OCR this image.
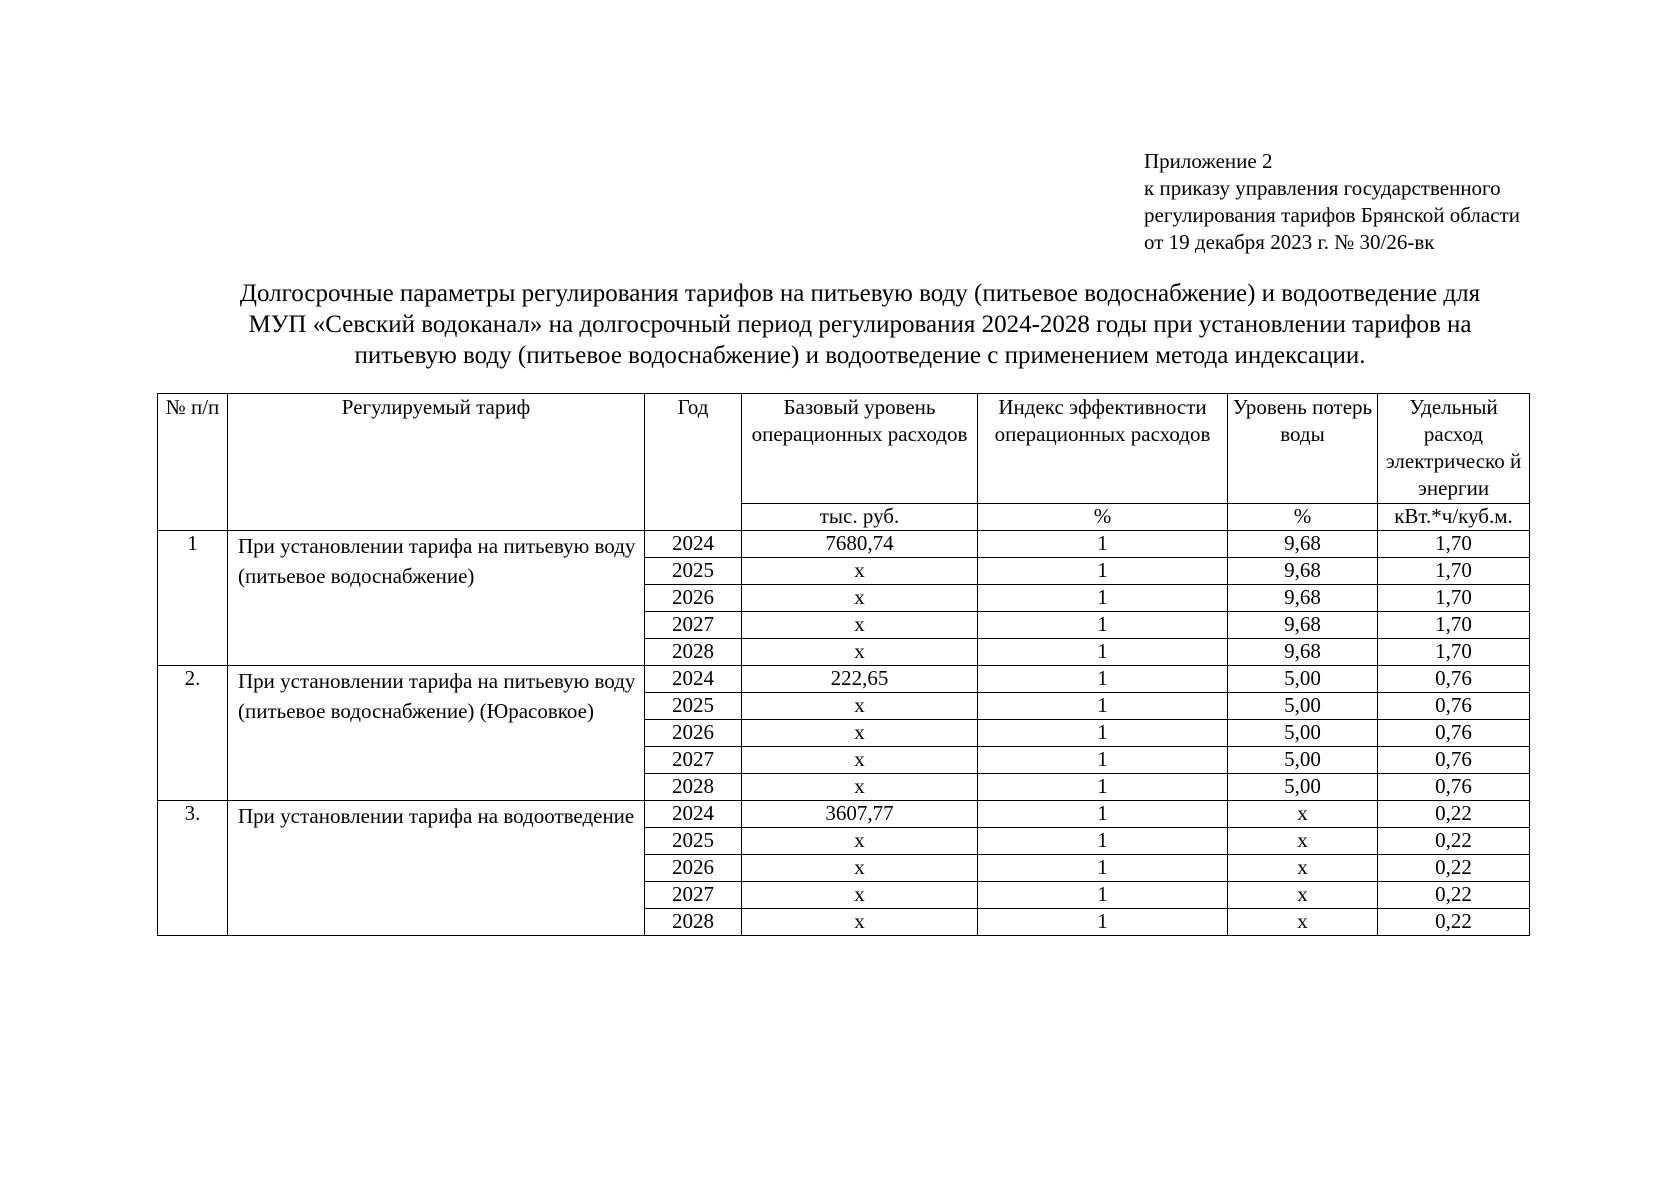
Приложение 2
к приказу управления государственного
регулирования тарифов Брянской области
от 19 декабря 2023 г. № 30/26-вк
Долгосрочные параметры регулирования тарифов на питьевую воду (питьевое водоснабжение) и водоотведение для
МУП «Севский водоканал» на долгосрочный период регулирования 2024-2028 годы при установлении тарифов на
питьевую воду (питьевое водоснабжение) и водоотведение с применением метода индексации.
№ п/п	Регулируемый тариф	Год	Базовый уровень операционных расходов	Индекс эффективности операционных расходов	Уровень потерь воды	Удельный расход электрическо й энергии
			тыс. руб.	%	%	кВт.*ч/куб.м.
1	При установлении тарифа на питьевую воду (питьевое водоснабжение)	2024	7680,74	1	9,68	1,70
		2025	x	1	9,68	1,70
		2026	x	1	9,68	1,70
		2027	x	1	9,68	1,70
		2028	x	1	9,68	1,70
2.	При установлении тарифа на питьевую воду (питьевое водоснабжение) (Юрасовкое)	2024	222,65	1	5,00	0,76
		2025	x	1	5,00	0,76
		2026	x	1	5,00	0,76
		2027	x	1	5,00	0,76
		2028	x	1	5,00	0,76
3.	При установлении тарифа на водоотведение	2024	3607,77	1	x	0,22
		2025	x	1	x	0,22
		2026	x	1	x	0,22
		2027	x	1	x	0,22
		2028	x	1	x	0,22
